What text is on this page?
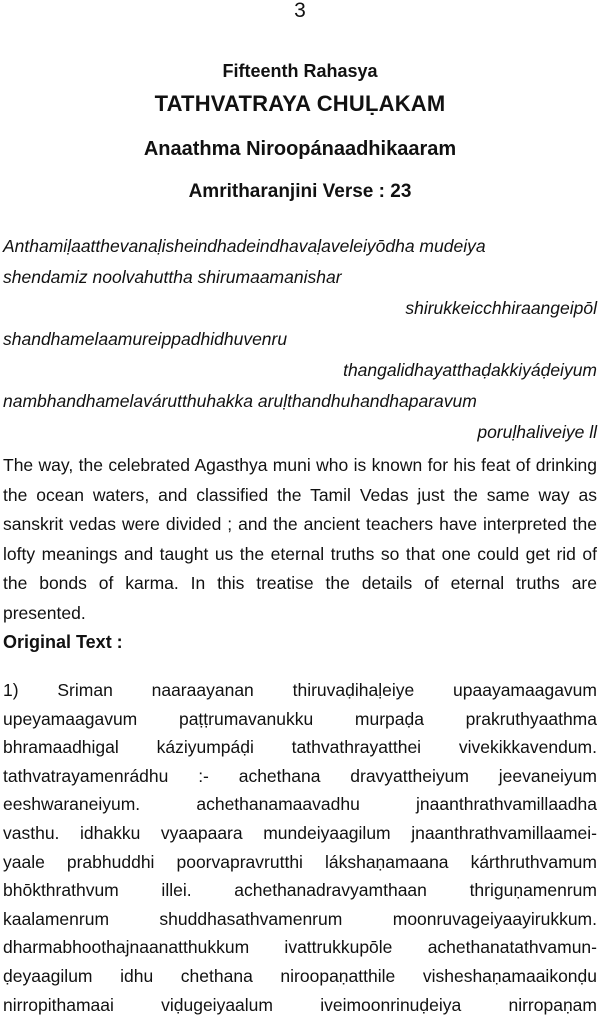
3
Fifteenth Rahasya
TATHVATRAYA CHUḶAKAM
Anaathma Niroopánaadhikaaram
Amritharanjini Verse : 23
Anthamiḷaatthevanaḷisheindhadeindhavaḷaveleiyōdha mudeiya
shendamiz noolvahuttha shirumaamanishar
shirukkeicchhiraangeipōl
shandhamelaamureippadhidhuvenru
thangalidhayatthaḍakkiyáḍeiyum
nambhandhamelavárutthuhakka aruḷthandhuhandhaparavum
poruḷhaliveiye ll
The way, the celebrated Agasthya muni who is known for his feat of drinking the ocean waters, and classified the Tamil Vedas just the same way as sanskrit vedas were divided ; and the ancient teachers have interpreted the lofty meanings and taught us the eternal truths so that one could get rid of the bonds of karma. In this treatise the details of eternal truths are presented.
Original Text :
1) Sriman naaraayanan thiruvaḍihaḷeiye upaayamaagavum
upeyamaagavum paṭṭrumavanukku murpaḍa prakruthyaathma
bhramaadhigal káziyumpáḍi tathvathrayatthei vivekikkavendum.
tathvatrayamenrádhu :- achethana dravyattheiyum jeevaneiyum
eeshwaraneiyum. achethanamaavadhu jnaanthrathvamillaadha
vasthu. idhakku vyaapaara mundeiyaagilum jnaanthrathvamillaamei-
yaale prabhuddhi poorvapravrutthi lákshaṇamaana kárthruthvamum
bhōkthrathvum illei. achethanadravyamthaan thriguṇamenrum
kaalamenrum shuddhasathvamenrum moonruvageiyaayirukkum.
dharmabhoothajnaanatthukkum ivattrukkupōle achethanatathvamun-
ḍeyaagilum idhu chethana niroopaṇatthile visheshaṇamaaikonḍu
nirropithamaai viḍugeiyaalum iveimoonrinuḍeiya nirropaṇam
